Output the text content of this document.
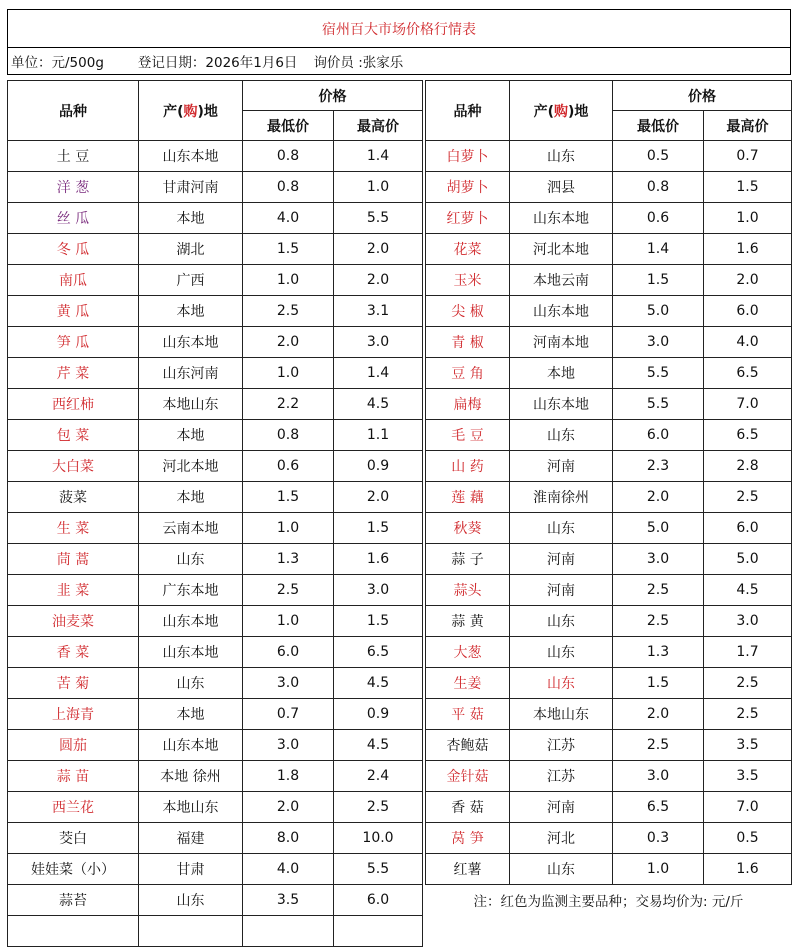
宿州百大市场价格行情表
单位：元/500g	登记日期：2026年1月6日 询价员 :张家乐
品种	产(购)地	价格	
		最低价	最高价
土 豆	山东本地	0.8	1.4
洋 葱	甘肃河南	0.8	1.0
丝 瓜	本地	4.0	5.5
冬 瓜	湖北	1.5	2.0
南瓜	广西	1.0	2.0
黄 瓜	本地	2.5	3.1
笋 瓜	山东本地	2.0	3.0
芹 菜	山东河南	1.0	1.4
西红柿	本地山东	2.2	4.5
包 菜	本地	0.8	1.1
大白菜	河北本地	0.6	0.9
菠菜	本地	1.5	2.0
生 菜	云南本地	1.0	1.5
茼 蒿	山东	1.3	1.6
韭 菜	广东本地	2.5	3.0
油麦菜	山东本地	1.0	1.5
香 菜	山东本地	6.0	6.5
苦 菊	山东	3.0	4.5
上海青	本地	0.7	0.9
圆茄	山东本地	3.0	4.5
蒜 苗	本地 徐州	1.8	2.4
西兰花	本地山东	2.0	2.5
茭白	福建	8.0	10.0
娃娃菜（小）	甘肃	4.0	5.5
蒜苔	山东	3.5	6.0

品种	产(购)地	价格	
		最低价	最高价
白萝卜	山东	0.5	0.7
胡萝卜	泗县	0.8	1.5
红萝卜	山东本地	0.6	1.0
花菜	河北本地	1.4	1.6
玉米	本地云南	1.5	2.0
尖 椒	山东本地	5.0	6.0
青 椒	河南本地	3.0	4.0
豆 角	本地	5.5	6.5
扁梅	山东本地	5.5	7.0
毛 豆	山东	6.0	6.5
山 药	河南	2.3	2.8
莲 藕	淮南徐州	2.0	2.5
秋葵	山东	5.0	6.0
蒜 子	河南	3.0	5.0
蒜头	河南	2.5	4.5
蒜 黄	山东	2.5	3.0
大葱	山东	1.3	1.7
生姜	山东	1.5	2.5
平 菇	本地山东	2.0	2.5
杏鲍菇	江苏	2.5	3.5
金针菇	江苏	3.0	3.5
香 菇	河南	6.5	7.0
莴 笋	河北	0.3	0.5
红薯	山东	1.0	1.6
注：红色为监测主要品种；交易均价为: 元/斤			
